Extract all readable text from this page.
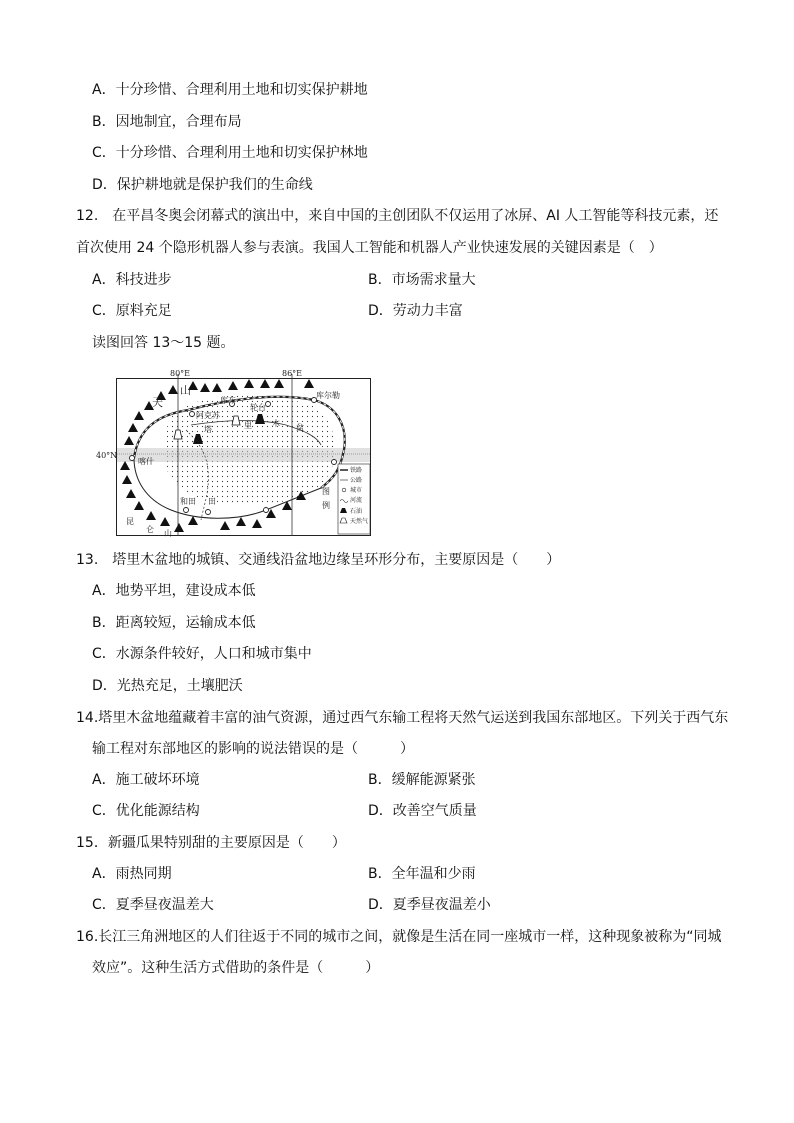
A．十分珍惜、合理利用土地和切实保护耕地
B．因地制宜，合理布局
C．十分珍惜、合理利用土地和切实保护林地
D．保护耕地就是保护我们的生命线
12.　在平昌冬奥会闭幕式的演出中，来自中国的主创团队不仅运用了冰屏、AI 人工智能等科技元素，还
首次使用 24 个隐形机器人参与表演。我国人工智能和机器人产业快速发展的关键因素是（　）
A．科技进步	B．市场需求量大
C．原料充足	D．劳动力丰富
读图回答 13～15 题。
80°E	86°E
40°N
天
山
库车
库尔勒
阿克苏
轮台
喀什
和田 田
塔	里	木 盆
昆
仑 山
图
例
铁路
公路
城市
河流
石油
天然气
13.　塔里木盆地的城镇、交通线沿盆地边缘呈环形分布，主要原因是（　　）
A．地势平坦，建设成本低
B．距离较短，运输成本低
C．水源条件较好，人口和城市集中
D．光热充足，土壤肥沃
14.塔里木盆地蕴藏着丰富的油气资源，通过西气东输工程将天然气运送到我国东部地区。下列关于西气东
输工程对东部地区的影响的说法错误的是（　　　）
A．施工破坏环境	B．缓解能源紧张
C．优化能源结构	D．改善空气质量
15．新疆瓜果特别甜的主要原因是（　　）
A．雨热同期	B．全年温和少雨
C．夏季昼夜温差大	D．夏季昼夜温差小
16.长江三角洲地区的人们往返于不同的城市之间，就像是生活在同一座城市一样，这种现象被称为“同城
效应”。这种生活方式借助的条件是（　　　）
